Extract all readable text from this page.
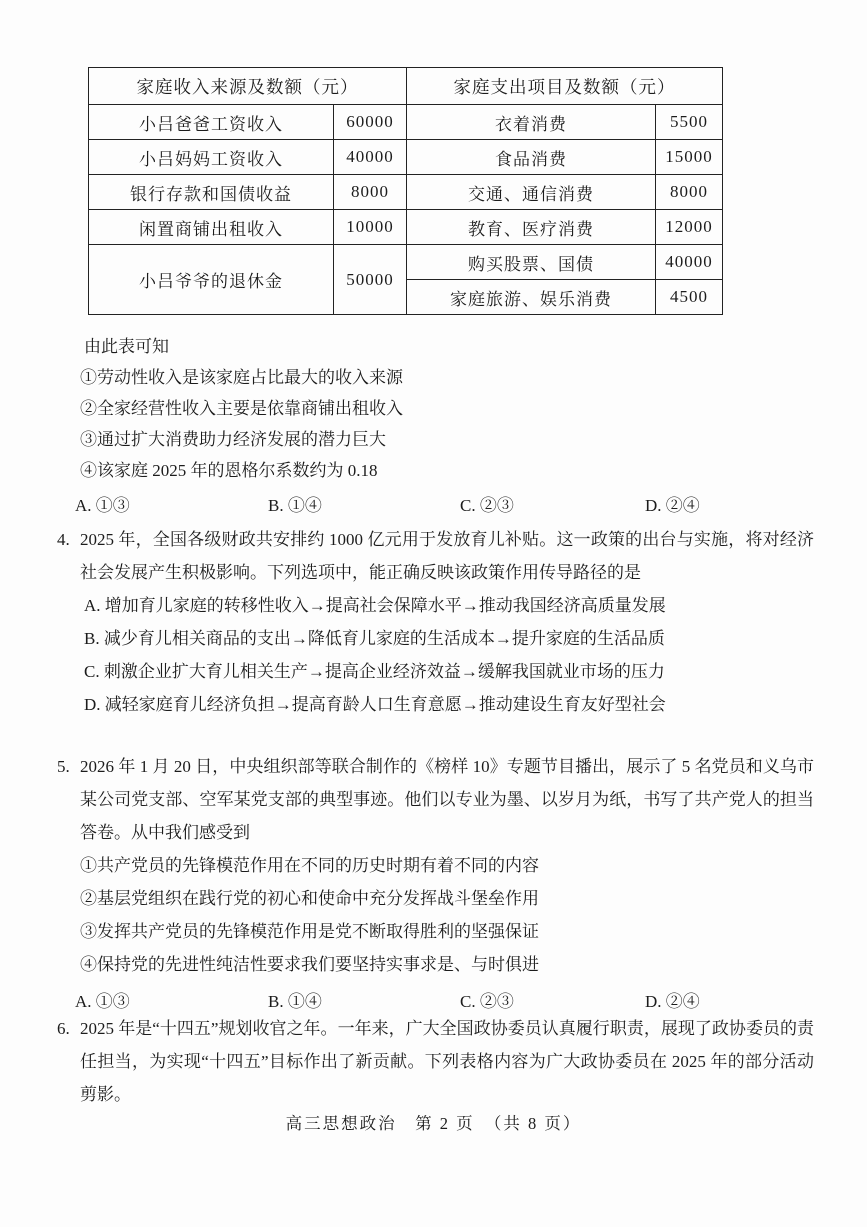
家庭收入来源及数额（元）		家庭支出项目及数额（元）	
小吕爸爸工资收入	60000	衣着消费	5500
小吕妈妈工资收入	40000	食品消费	15000
银行存款和国债收益	8000	交通、通信消费	8000
闲置商铺出租收入	10000	教育、医疗消费	12000
小吕爷爷的退休金	50000	购买股票、国债	40000
		家庭旅游、娱乐消费	4500
由此表可知
①劳动性收入是该家庭占比最大的收入来源
②全家经营性收入主要是依靠商铺出租收入
③通过扩大消费助力经济发展的潜力巨大
④该家庭 2025 年的恩格尔系数约为 0.18
A. ①③	B. ①④	C. ②③	D. ②④
4. 2025 年，全国各级财政共安排约 1000 亿元用于发放育儿补贴。这一政策的出台与实施，将对经济社会发展产生积极影响。下列选项中，能正确反映该政策作用传导路径的是
A. 增加育儿家庭的转移性收入→提高社会保障水平→推动我国经济高质量发展
B. 减少育儿相关商品的支出→降低育儿家庭的生活成本→提升家庭的生活品质
C. 刺激企业扩大育儿相关生产→提高企业经济效益→缓解我国就业市场的压力
D. 减轻家庭育儿经济负担→提高育龄人口生育意愿→推动建设生育友好型社会
5. 2026 年 1 月 20 日，中央组织部等联合制作的《榜样 10》专题节目播出，展示了 5 名党员和义乌市某公司党支部、空军某党支部的典型事迹。他们以专业为墨、以岁月为纸，书写了共产党人的担当答卷。从中我们感受到
①共产党员的先锋模范作用在不同的历史时期有着不同的内容
②基层党组织在践行党的初心和使命中充分发挥战斗堡垒作用
③发挥共产党员的先锋模范作用是党不断取得胜利的坚强保证
④保持党的先进性纯洁性要求我们要坚持实事求是、与时俱进
A. ①③	B. ①④	C. ②③	D. ②④
6. 2025 年是“十四五”规划收官之年。一年来，广大全国政协委员认真履行职责，展现了政协委员的责任担当，为实现“十四五”目标作出了新贡献。下列表格内容为广大政协委员在 2025 年的部分活动剪影。
高三思想政治　第 2 页　（共 8 页）
